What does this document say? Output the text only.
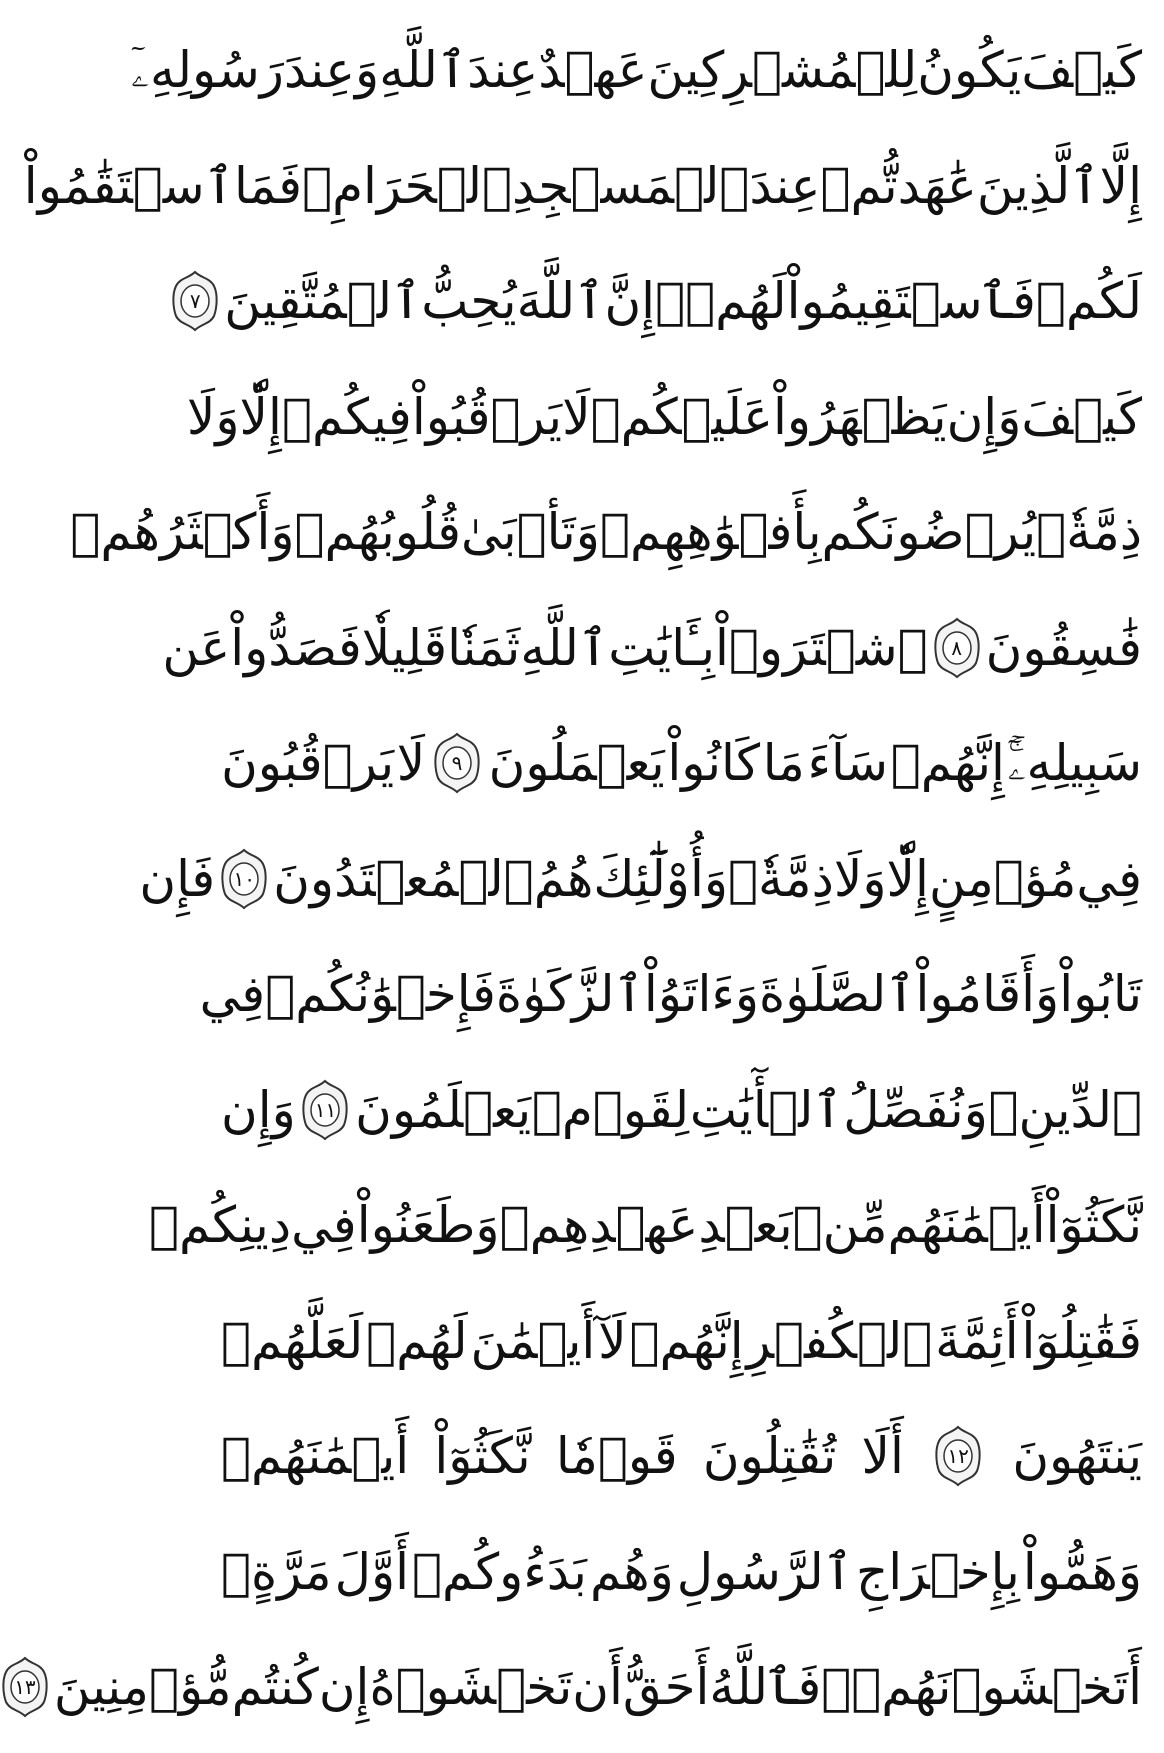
كَيۡفَ
يَكُونُ
لِلۡمُشۡرِكِينَ
عَهۡدٌ
عِندَ
ٱللَّهِ
وَعِندَ
رَسُولِهِۦٓ
إِلَّا
ٱلَّذِينَ
عَٰهَدتُّمۡ
عِندَ
ٱلۡمَسۡجِدِ
ٱلۡحَرَامِۖ
فَمَا
ٱسۡتَقَٰمُواْ
لَكُمۡ
فَٱسۡتَقِيمُواْ
لَهُمۡۚ
إِنَّ
ٱللَّهَ
يُحِبُّ
ٱلۡمُتَّقِينَ
٧
كَيۡفَ
وَإِن
يَظۡهَرُواْ
عَلَيۡكُمۡ
لَا
يَرۡقُبُواْ
فِيكُمۡ
إِلّٗا
وَلَا
ذِمَّةٗۚ
يُرۡضُونَكُم
بِأَفۡوَٰهِهِمۡ
وَتَأۡبَىٰ
قُلُوبُهُمۡ
وَأَكۡثَرُهُمۡ
فَٰسِقُونَ
٨
ٱشۡتَرَوۡاْ
بِـَٔايَٰتِ
ٱللَّهِ
ثَمَنٗا
قَلِيلٗا
فَصَدُّواْ
عَن
سَبِيلِهِۦٓۚ
إِنَّهُمۡ
سَآءَ
مَا
كَانُواْ
يَعۡمَلُونَ
٩
لَا
يَرۡقُبُونَ
فِي
مُؤۡمِنٍ
إِلّٗا
وَلَا
ذِمَّةٗۚ
وَأُوْلَٰٓئِكَ
هُمُ
ٱلۡمُعۡتَدُونَ
١٠
فَإِن
تَابُواْ
وَأَقَامُواْ
ٱلصَّلَوٰةَ
وَءَاتَوُاْ
ٱلزَّكَوٰةَ
فَإِخۡوَٰنُكُمۡ
فِي
ٱلدِّينِۗ
وَنُفَصِّلُ
ٱلۡأٓيَٰتِ
لِقَوۡمٖ
يَعۡلَمُونَ
١١
وَإِن
نَّكَثُوٓاْ
أَيۡمَٰنَهُم
مِّنۢ
بَعۡدِ
عَهۡدِهِمۡ
وَطَعَنُواْ
فِي
دِينِكُمۡ
فَقَٰتِلُوٓاْ
أَئِمَّةَ
ٱلۡكُفۡرِ
إِنَّهُمۡ
لَآ
أَيۡمَٰنَ
لَهُمۡ
لَعَلَّهُمۡ
يَنتَهُونَ
١٢
أَلَا
تُقَٰتِلُونَ
قَوۡمٗا
نَّكَثُوٓاْ
أَيۡمَٰنَهُمۡ
وَهَمُّواْ
بِإِخۡرَاجِ
ٱلرَّسُولِ
وَهُم
بَدَءُوكُمۡ
أَوَّلَ
مَرَّةٍۚ
أَتَخۡشَوۡنَهُمۡۚ
فَٱللَّهُ
أَحَقُّ
أَن
تَخۡشَوۡهُ
إِن
كُنتُم
مُّؤۡمِنِينَ
١٣
